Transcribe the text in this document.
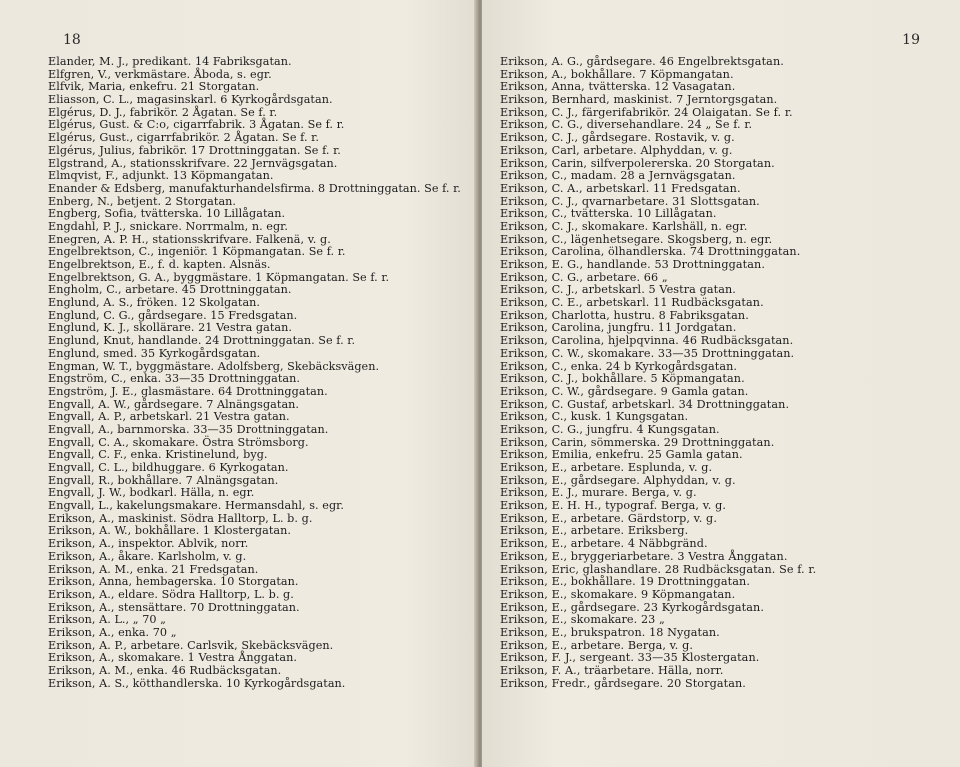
18
Elander, M. J., predikant. 14 Fabriksgatan.
Elfgren, V., verkmästare. Åboda, s. egr.
Elfvik, Maria, enkefru. 21 Storgatan.
Eliasson, C. L., magasinskarl. 6 Kyrkogårdsgatan.
Elgérus, D. J., fabrikör. 2 Ågatan. Se f. r.
Elgérus, Gust. & C:o, cigarrfabrik. 3 Ågatan. Se f. r.
Elgérus, Gust., cigarrfabrikör. 2 Ågatan. Se f. r.
Elgérus, Julius, fabrikör. 17 Drottninggatan. Se f. r.
Elgstrand, A., stationsskrifvare. 22 Jernvägsgatan.
Elmqvist, F., adjunkt. 13 Köpmangatan.
Enander & Edsberg, manufakturhandelsfirma. 8 Drottninggatan. Se f. r.
Enberg, N., betjent. 2 Storgatan.
Engberg, Sofia, tvätterska. 10 Lillågatan.
Engdahl, P. J., snickare. Norrmalm, n. egr.
Enegren, A. P. H., stationsskrifvare. Falkenä, v. g.
Engelbrektson, C., ingeniör. 1 Köpmangatan. Se f. r.
Engelbrektson, E., f. d. kapten. Alsnäs.
Engelbrektson, G. A., byggmästare. 1 Köpmangatan. Se f. r.
Engholm, C., arbetare. 45 Drottninggatan.
Englund, A. S., fröken. 12 Skolgatan.
Englund, C. G., gårdsegare. 15 Fredsgatan.
Englund, K. J., skollärare. 21 Vestra gatan.
Englund, Knut, handlande. 24 Drottninggatan. Se f. r.
Englund, smed. 35 Kyrkogårdsgatan.
Engman, W. T., byggmästare. Adolfsberg, Skebäcksvägen.
Engström, C., enka. 33—35 Drottninggatan.
Engström, J. E., glasmästare. 64 Drottninggatan.
Engvall, A. W., gårdsegare. 7 Alnängsgatan.
Engvall, A. P., arbetskarl. 21 Vestra gatan.
Engvall, A., barnmorska. 33—35 Drottninggatan.
Engvall, C. A., skomakare. Östra Strömsborg.
Engvall, C. F., enka. Kristinelund, byg.
Engvall, C. L., bildhuggare. 6 Kyrkogatan.
Engvall, R., bokhållare. 7 Alnängsgatan.
Engvall, J. W., bodkarl. Hälla, n. egr.
Engvall, L., kakelungsmakare. Hermansdahl, s. egr.
Erikson, A., maskinist. Södra Halltorp, L. b. g.
Erikson, A. W., bokhållare. 1 Klostergatan.
Erikson, A., inspektor. Ablvik, norr.
Erikson, A., åkare. Karlsholm, v. g.
Erikson, A. M., enka. 21 Fredsgatan.
Erikson, Anna, hembagerska. 10 Storgatan.
Erikson, A., eldare. Södra Halltorp, L. b. g.
Erikson, A., stensättare. 70 Drottninggatan.
Erikson, A. L., „ 70 „
Erikson, A., enka. 70 „
Erikson, A. P., arbetare. Carlsvik, Skebäcksvägen.
Erikson, A., skomakare. 1 Vestra Ånggatan.
Erikson, A. M., enka. 46 Rudbäcksgatan.
Erikson, A. S., kötthandlerska. 10 Kyrkogårdsgatan.
19
Erikson, A. G., gårdsegare. 46 Engelbrektsgatan.
Erikson, A., bokhållare. 7 Köpmangatan.
Erikson, Anna, tvätterska. 12 Vasagatan.
Erikson, Bernhard, maskinist. 7 Jerntorgsgatan.
Erikson, C. J., färgerifabrikör. 24 Olaigatan. Se f. r.
Erikson, C. G., diversehandlare. 24 „ Se f. r.
Erikson, C. J., gårdsegare. Rostavik, v. g.
Erikson, Carl, arbetare. Alphyddan, v. g.
Erikson, Carin, silfverpolererska. 20 Storgatan.
Erikson, C., madam. 28 a Jernvägsgatan.
Erikson, C. A., arbetskarl. 11 Fredsgatan.
Erikson, C. J., qvarnarbetare. 31 Slottsgatan.
Erikson, C., tvätterska. 10 Lillågatan.
Erikson, C. J., skomakare. Karlshäll, n. egr.
Erikson, C., lägenhetsegare. Skogsberg, n. egr.
Erikson, Carolina, ölhandlerska. 74 Drottninggatan.
Erikson, E. G., handlande. 53 Drottninggatan.
Erikson, C. G., arbetare. 66 „
Erikson, C. J., arbetskarl. 5 Vestra gatan.
Erikson, C. E., arbetskarl. 11 Rudbäcksgatan.
Erikson, Charlotta, hustru. 8 Fabriksgatan.
Erikson, Carolina, jungfru. 11 Jordgatan.
Erikson, Carolina, hjelpqvinna. 46 Rudbäcksgatan.
Erikson, C. W., skomakare. 33—35 Drottninggatan.
Erikson, C., enka. 24 b Kyrkogårdsgatan.
Erikson, C. J., bokhållare. 5 Köpmangatan.
Erikson, C. W., gårdsegare. 9 Gamla gatan.
Erikson, C. Gustaf, arbetskarl. 34 Drottninggatan.
Erikson, C., kusk. 1 Kungsgatan.
Erikson, C. G., jungfru. 4 Kungsgatan.
Erikson, Carin, sömmerska. 29 Drottninggatan.
Erikson, Emilia, enkefru. 25 Gamla gatan.
Erikson, E., arbetare. Esplunda, v. g.
Erikson, E., gårdsegare. Alphyddan, v. g.
Erikson, E. J., murare. Berga, v. g.
Erikson, E. H. H., typograf. Berga, v. g.
Erikson, E., arbetare. Gärdstorp, v. g.
Erikson, E., arbetare. Eriksberg.
Erikson, E., arbetare. 4 Näbbgränd.
Erikson, E., bryggeriarbetare. 3 Vestra Ånggatan.
Erikson, Eric, glashandlare. 28 Rudbäcksgatan. Se f. r.
Erikson, E., bokhållare. 19 Drottninggatan.
Erikson, E., skomakare. 9 Köpmangatan.
Erikson, E., gårdsegare. 23 Kyrkogårdsgatan.
Erikson, E., skomakare. 23 „
Erikson, E., brukspatron. 18 Nygatan.
Erikson, E., arbetare. Berga, v. g.
Erikson, F. J., sergeant. 33—35 Klostergatan.
Erikson, F. A., träarbetare. Hälla, norr.
Erikson, Fredr., gårdsegare. 20 Storgatan.
